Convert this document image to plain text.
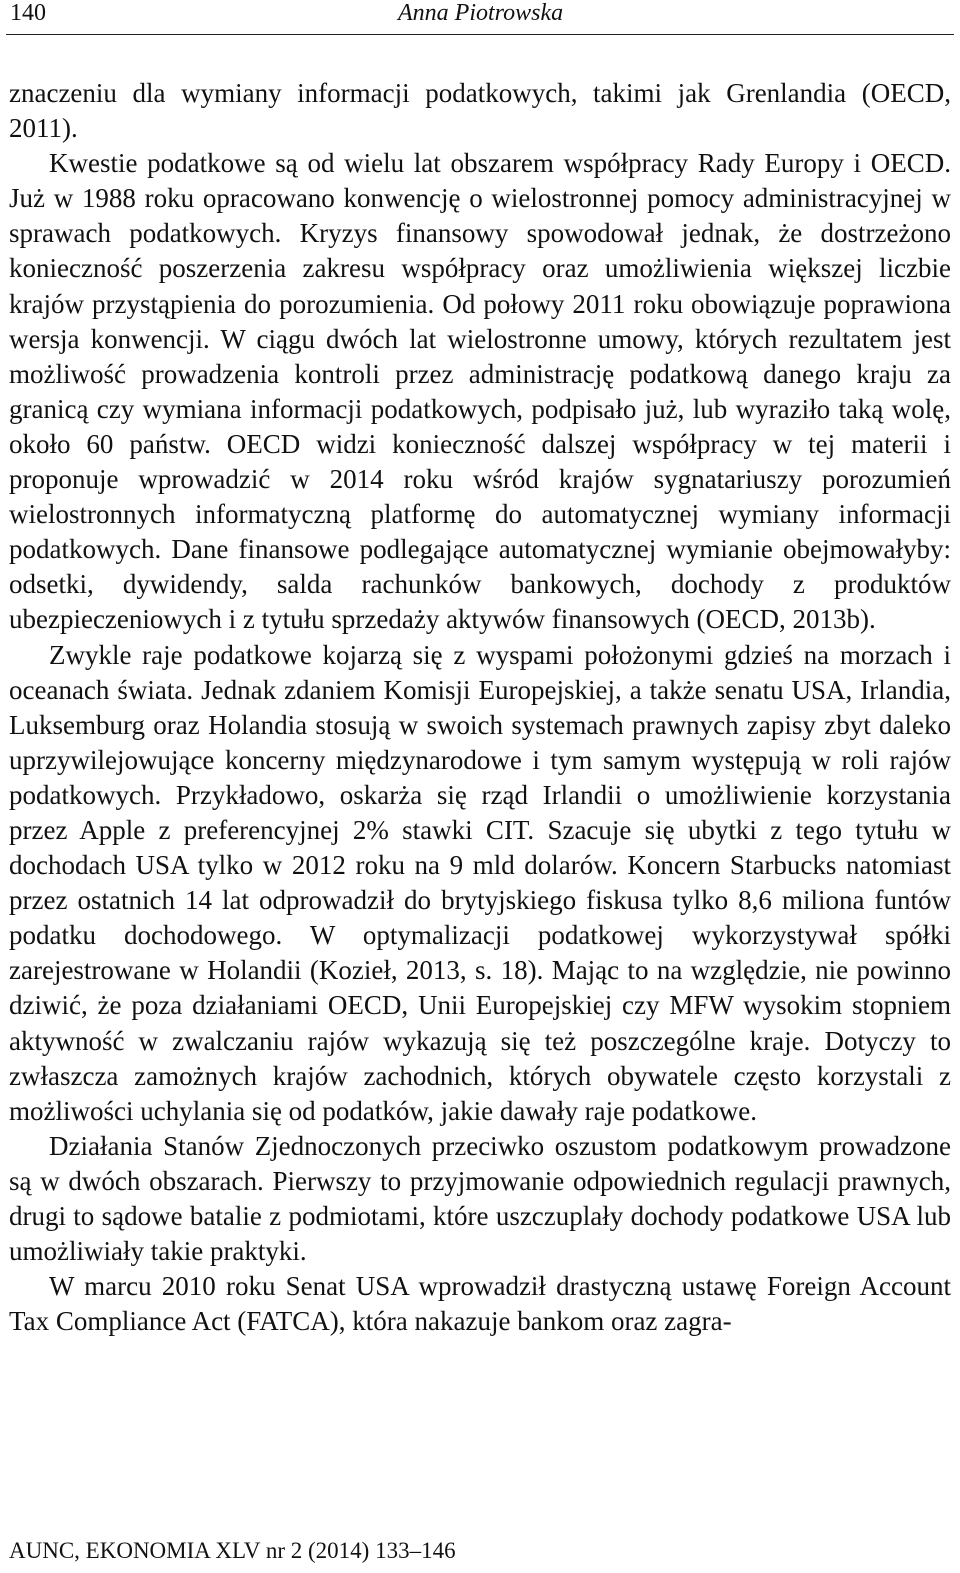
140	Anna Piotrowska

znaczeniu dla wymiany informacji podatkowych, takimi jak Grenlandia (OECD, 2011).

Kwestie podatkowe są od wielu lat obszarem współpracy Rady Europy i OECD. Już w 1988 roku opracowano konwencję o wielostronnej pomocy administracyjnej w sprawach podatkowych. Kryzys finansowy spowodował jednak, że dostrzeżono konieczność poszerzenia zakresu współpracy oraz umożliwienia większej liczbie krajów przystąpienia do porozumienia. Od połowy 2011 roku obowiązuje poprawiona wersja konwencji. W ciągu dwóch lat wielostronne umowy, których rezultatem jest możliwość prowadzenia kontroli przez administrację podatkową danego kraju za granicą czy wymiana informacji podatkowych, podpisało już, lub wyraziło taką wolę, około 60 państw. OECD widzi konieczność dalszej współpracy w tej materii i proponuje wprowadzić w 2014 roku wśród krajów sygnatariuszy porozumień wielostronnych informatyczną platformę do automatycznej wymiany informacji podatkowych. Dane finansowe podlegające automatycznej wymianie obejmowałyby: odsetki, dywidendy, salda rachunków bankowych, dochody z produktów ubezpieczeniowych i z tytułu sprzedaży aktywów finansowych (OECD, 2013b).

Zwykle raje podatkowe kojarzą się z wyspami położonymi gdzieś na morzach i oceanach świata. Jednak zdaniem Komisji Europejskiej, a także senatu USA, Irlandia, Luksemburg oraz Holandia stosują w swoich systemach prawnych zapisy zbyt daleko uprzywilejowujące koncerny międzynarodowe i tym samym występują w roli rajów podatkowych. Przykładowo, oskarża się rząd Irlandii o umożliwienie korzystania przez Apple z preferencyjnej 2% stawki CIT. Szacuje się ubytki z tego tytułu w dochodach USA tylko w 2012 roku na 9 mld dolarów. Koncern Starbucks natomiast przez ostatnich 14 lat odprowadził do brytyjskiego fiskusa tylko 8,6 miliona funtów podatku dochodowego. W optymalizacji podatkowej wykorzystywał spółki zarejestrowane w Holandii (Kozieł, 2013, s. 18). Mając to na względzie, nie powinno dziwić, że poza działaniami OECD, Unii Europejskiej czy MFW wysokim stopniem aktywność w zwalczaniu rajów wykazują się też poszczególne kraje. Dotyczy to zwłaszcza zamożnych krajów zachodnich, których obywatele często korzystali z możliwości uchylania się od podatków, jakie dawały raje podatkowe.

Działania Stanów Zjednoczonych przeciwko oszustom podatkowym prowadzone są w dwóch obszarach. Pierwszy to przyjmowanie odpowiednich regulacji prawnych, drugi to sądowe batalie z podmiotami, które uszczuplały dochody podatkowe USA lub umożliwiały takie praktyki.

W marcu 2010 roku Senat USA wprowadził drastyczną ustawę Foreign Account Tax Compliance Act (FATCA), która nakazuje bankom oraz zagra-

AUNC, EKONOMIA XLV nr 2 (2014) 133–146
